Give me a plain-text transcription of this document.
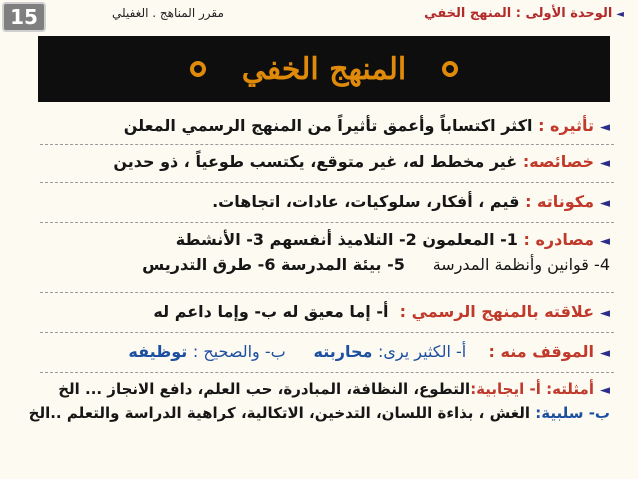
◄الوحدة الأولى : المنهج الخفي
مقرر المناهج . الغفيلي
15
المنهج الخفي
◄تأثيره : اكثر اكتساباً وأعمق تأثيراً من المنهج الرسمي المعلن
◄خصائصه: غير مخطط له، غير متوقع، يكتسب طوعياً ، ذو حدين
◄مكوناته : قيم ، أفكار، سلوكيات، عادات، اتجاهات.
◄مصادره : 1- المعلمون 2- التلاميذ أنفسهم 3- الأنشطة
4- قوانين وأنظمة المدرسة     5- بيئة المدرسة 6- طرق التدريس
◄علاقته بالمنهج الرسمي :  أ- إما معيق له ب- وإما داعم له
◄الموقف منه :    أ- الكثير يرى: محاربته     ب- والصحيح : توظيفه
◄أمثلته: أ- ايجابية:التطوع، النظافة، المبادرة، حب العلم، دافع الانجاز ... الخ
ب- سلبية: الغش ، بذاءة اللسان، التدخين، الاتكالية، كراهية الدراسة والتعلم ..الخ
